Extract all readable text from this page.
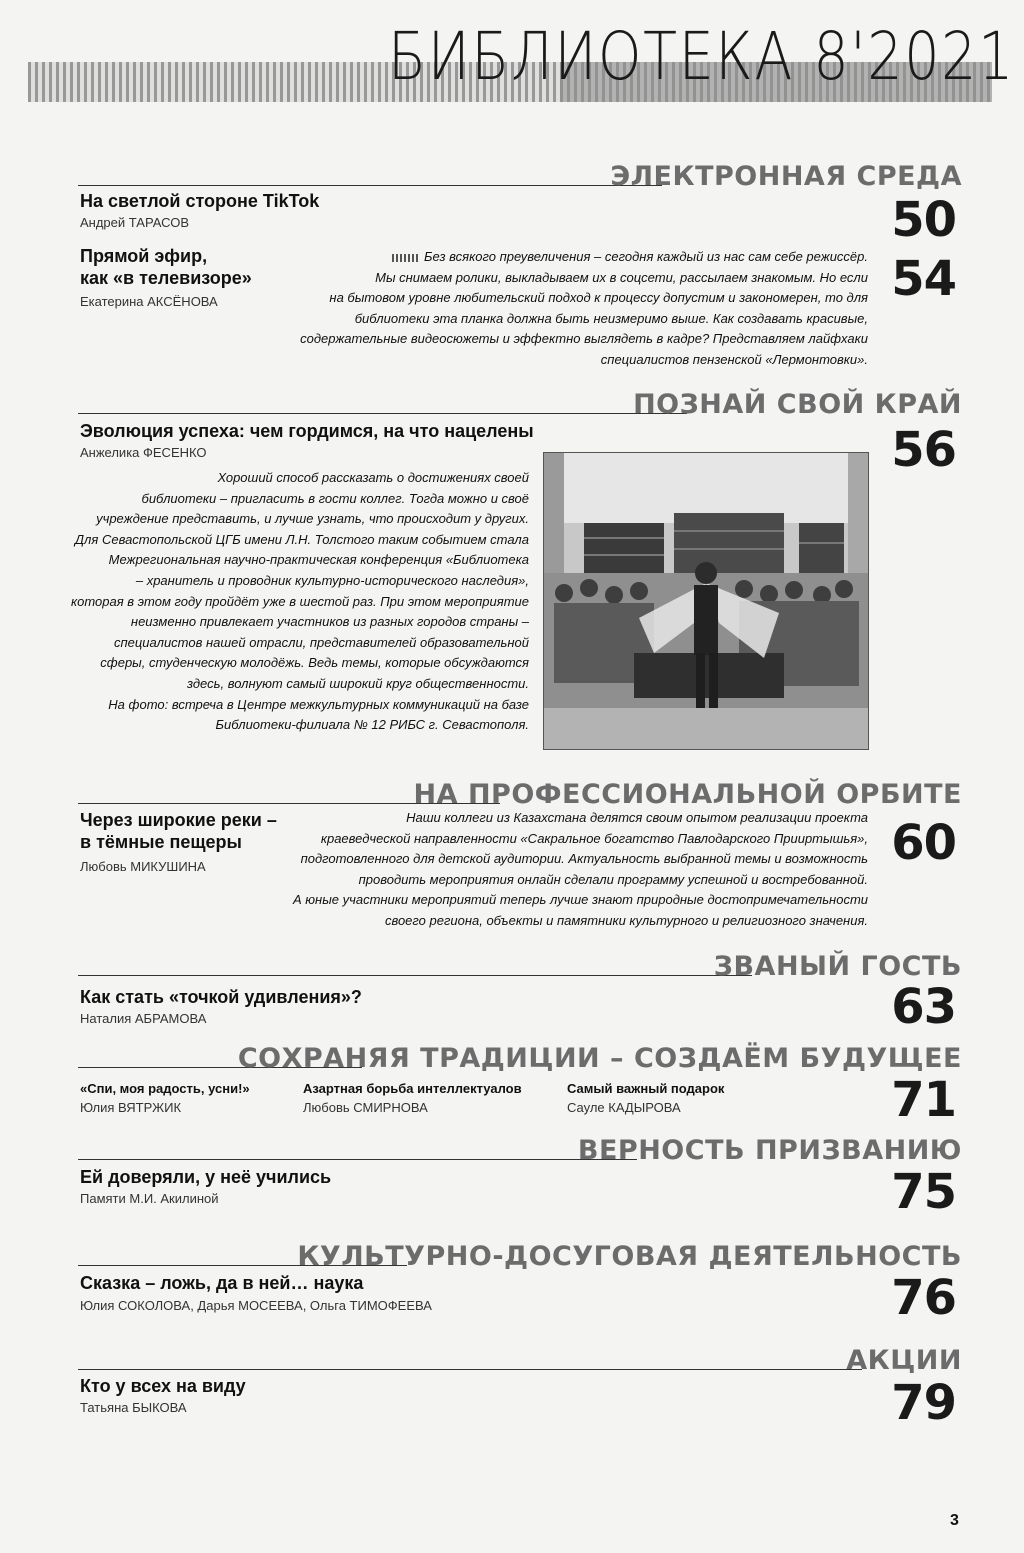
БИБЛИОТЕКА 8'2021
ЭЛЕКТРОННАЯ СРЕДА
На светлой стороне TikTok
Андрей ТАРАСОВ	50
Прямой эфир,
как «в телевизоре»
Екатерина АКСЁНОВА	54
Без всякого преувеличения – сегодня каждый из нас сам себе режиссёр.
Мы снимаем ролики, выкладываем их в соцсети, рассылаем знакомым. Но если
на бытовом уровне любительский подход к процессу допустим и закономерен, то для
библиотеки эта планка должна быть неизмеримо выше. Как создавать красивые,
содержательные видеосюжеты и эффектно выглядеть в кадре? Представляем лайфхаки
специалистов пензенской «Лермонтовки».
ПОЗНАЙ СВОЙ КРАЙ
Эволюция успеха: чем гордимся, на что нацелены
Анжелика ФЕСЕНКО	56
Хороший способ рассказать о достижениях своей
библиотеки – пригласить в гости коллег. Тогда можно и своё
учреждение представить, и лучше узнать, что происходит у других.
Для Севастопольской ЦГБ имени Л.Н. Толстого таким событием стала
Межрегиональная научно-практическая конференция «Библиотека
– хранитель и проводник культурно-исторического наследия»,
которая в этом году пройдёт уже в шестой раз. При этом мероприятие
неизменно привлекает участников из разных городов страны –
специалистов нашей отрасли, представителей образовательной
сферы, студенческую молодёжь. Ведь темы, которые обсуждаются
здесь, волнуют самый широкий круг общественности.
На фото: встреча в Центре межкультурных коммуникаций на базе
Библиотеки-филиала № 12 РИБС г. Севастополя.
НА ПРОФЕССИОНАЛЬНОЙ ОРБИТЕ
Через широкие реки –
в тёмные пещеры
Любовь МИКУШИНА	60
Наши коллеги из Казахстана делятся своим опытом реализации проекта
краеведческой направленности «Сакральное богатство Павлодарского Прииртышья»,
подготовленного для детской аудитории. Актуальность выбранной темы и возможность
проводить мероприятия онлайн сделали программу успешной и востребованной.
А юные участники мероприятий теперь лучше знают природные достопримечательности
своего региона, объекты и памятники культурного и религиозного значения.
ЗВАНЫЙ ГОСТЬ
Как стать «точкой удивления»?
Наталия АБРАМОВА	63
СОХРАНЯЯ ТРАДИЦИИ – СОЗДАЁМ БУДУЩЕЕ
«Спи, моя радость, усни!»
Юлия ВЯТРЖИК
Азартная борьба интеллектуалов
Любовь СМИРНОВА
Самый важный подарок
Сауле КАДЫРОВА	71
ВЕРНОСТЬ ПРИЗВАНИЮ
Ей доверяли, у неё учились
Памяти М.И. Акилиной	75
КУЛЬТУРНО-ДОСУГОВАЯ ДЕЯТЕЛЬНОСТЬ
Сказка – ложь, да в ней… наука
Юлия СОКОЛОВА, Дарья МОСЕЕВА, Ольга ТИМОФЕЕВА	76
АКЦИИ
Кто у всех на виду
Татьяна БЫКОВА	79
3
